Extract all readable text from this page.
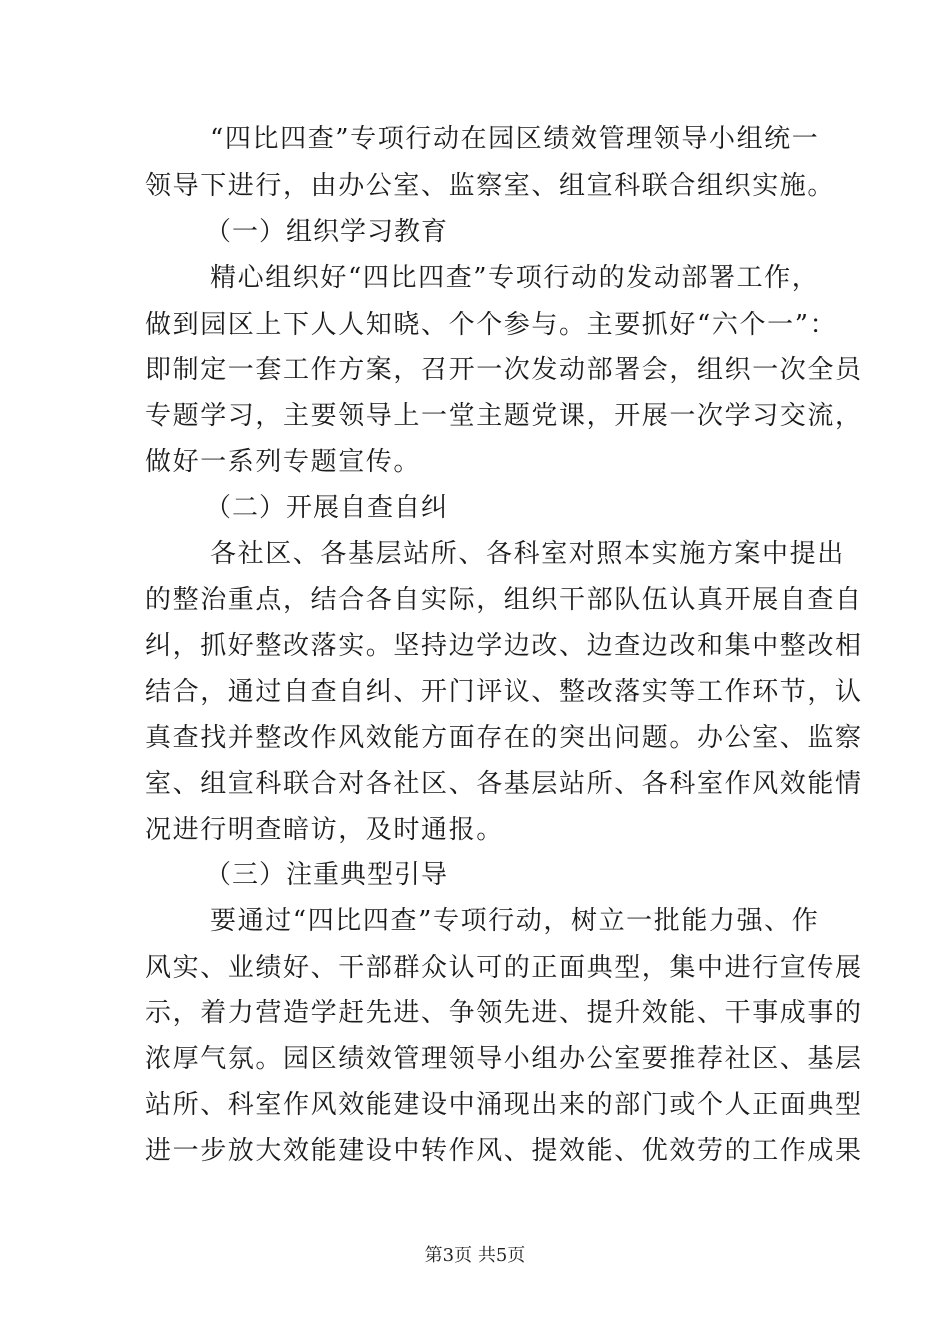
“四比四查”专项行动在园区绩效管理领导小组统一
领导下进行，由办公室、监察室、组宣科联合组织实施。
（一）组织学习教育
精心组织好“四比四查”专项行动的发动部署工作，
做到园区上下人人知晓、个个参与。主要抓好“六个一”：
即制定一套工作方案，召开一次发动部署会，组织一次全员
专题学习，主要领导上一堂主题党课，开展一次学习交流，
做好一系列专题宣传。
（二）开展自查自纠
各社区、各基层站所、各科室对照本实施方案中提出
的整治重点，结合各自实际，组织干部队伍认真开展自查自
纠，抓好整改落实。坚持边学边改、边查边改和集中整改相
结合，通过自查自纠、开门评议、整改落实等工作环节，认
真查找并整改作风效能方面存在的突出问题。办公室、监察
室、组宣科联合对各社区、各基层站所、各科室作风效能情
况进行明查暗访，及时通报。
（三）注重典型引导
要通过“四比四查”专项行动，树立一批能力强、作
风实、业绩好、干部群众认可的正面典型，集中进行宣传展
示，着力营造学赶先进、争领先进、提升效能、干事成事的
浓厚气氛。园区绩效管理领导小组办公室要推荐社区、基层
站所、科室作风效能建设中涌现出来的部门或个人正面典型
进一步放大效能建设中转作风、提效能、优效劳的工作成果
第3页 共5页
